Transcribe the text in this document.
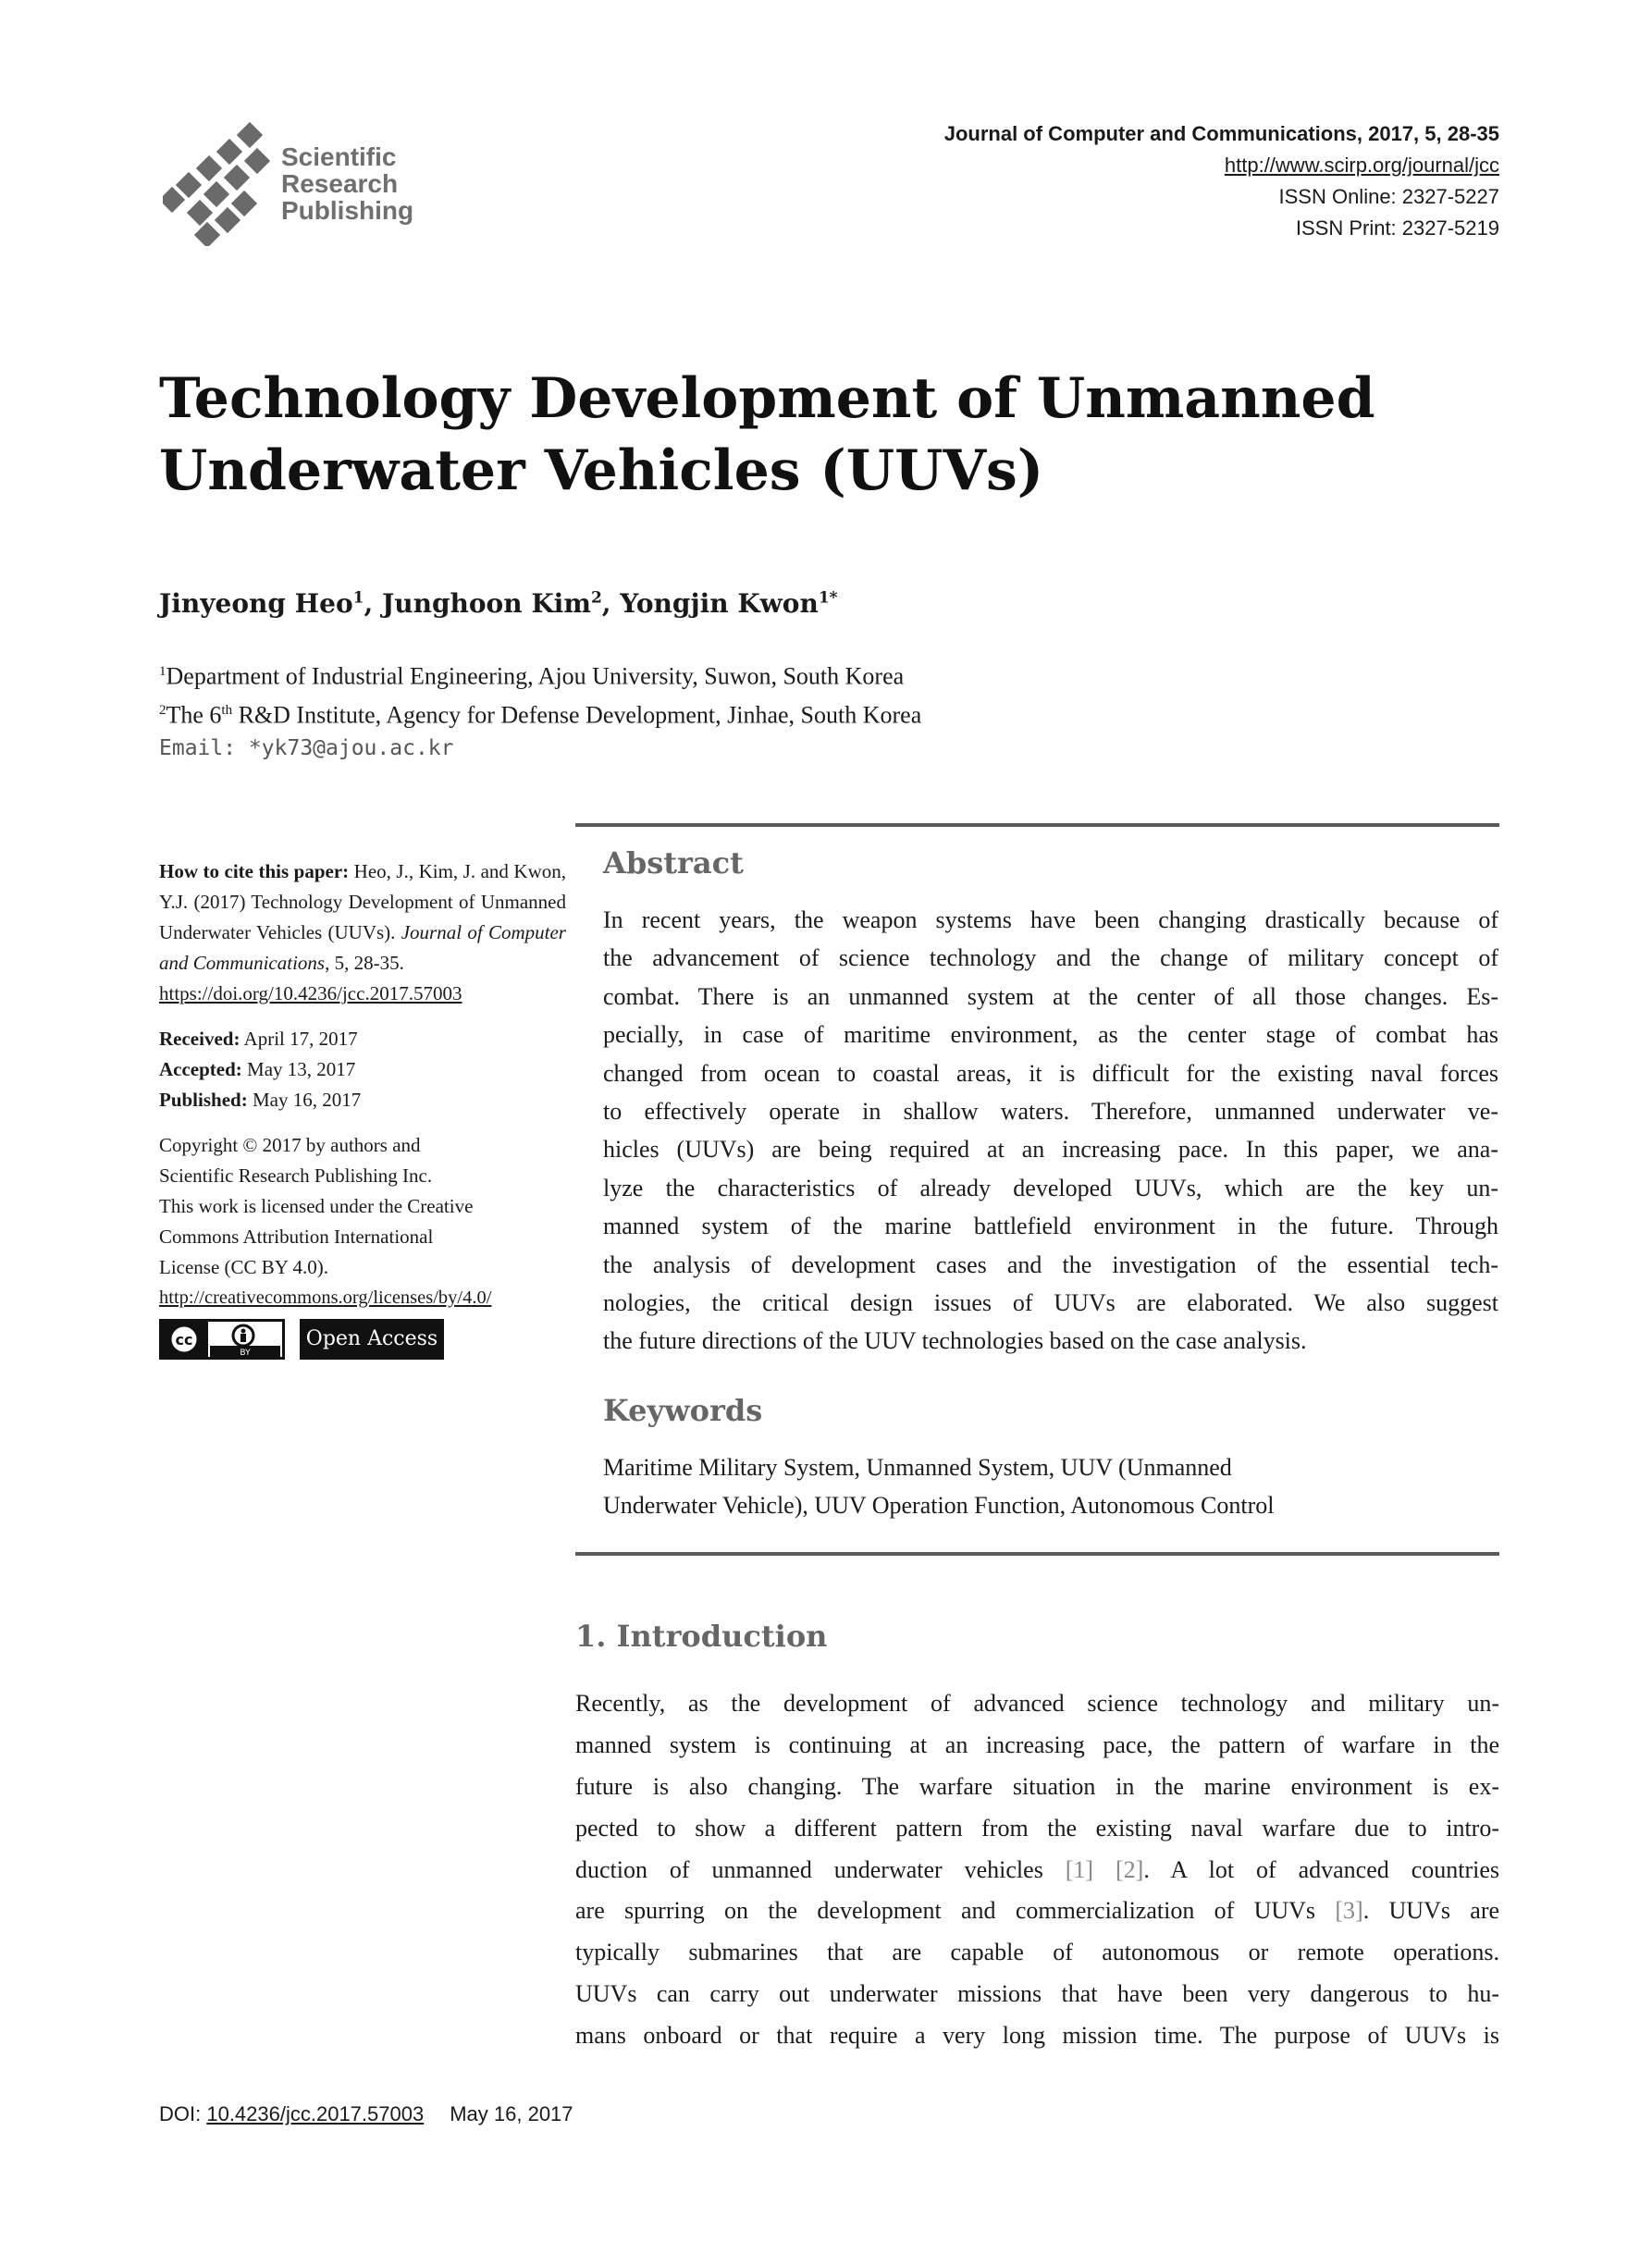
Scientific
Research
Publishing
Journal of Computer and Communications, 2017, 5, 28-35
http://www.scirp.org/journal/jcc
ISSN Online: 2327-5227
ISSN Print: 2327-5219
Technology Development of Unmanned
Underwater Vehicles (UUVs)
Jinyeong Heo$^1$, Junghoon Kim$^2$, Yongjin Kwon$^{1*}$
$^1$Department of Industrial Engineering, Ajou University, Suwon, South Korea
$^2$The 6th R&D Institute, Agency for Defense Development, Jinhae, South Korea
Email: *yk73@ajou.ac.kr

How to cite this paper: Heo, J., Kim, J. and Kwon, Y.J. (2017) Technology Development of Unmanned Underwater Vehicles (UUVs). Journal of Computer and Communications, 5, 28-35.

https://doi.org/10.4236/jcc.2017.57003

Received: April 17, 2017

Accepted: May 13, 2017

Published: May 16, 2017

Copyright © 2017 by authors and

Scientific Research Publishing Inc.

This work is licensed under the Creative

Commons Attribution International

License (CC BY 4.0).

http://creativecommons.org/licenses/by/4.0/

cc
BY
Open Access
Abstract
In recent years, the weapon systems have been changing drastically because of
the advancement of science technology and the change of military concept of
combat. There is an unmanned system at the center of all those changes. Es-
pecially, in case of maritime environment, as the center stage of combat has
changed from ocean to coastal areas, it is difficult for the existing naval forces
to effectively operate in shallow waters. Therefore, unmanned underwater ve-
hicles (UUVs) are being required at an increasing pace. In this paper, we ana-
lyze the characteristics of already developed UUVs, which are the key un-
manned system of the marine battlefield environment in the future. Through
the analysis of development cases and the investigation of the essential tech-
nologies, the critical design issues of UUVs are elaborated. We also suggest
the future directions of the UUV technologies based on the case analysis.
Keywords
Maritime Military System, Unmanned System, UUV (Unmanned
Underwater Vehicle), UUV Operation Function, Autonomous Control
1. Introduction
Recently, as the development of advanced science technology and military un-
manned system is continuing at an increasing pace, the pattern of warfare in the
future is also changing. The warfare situation in the marine environment is ex-
pected to show a different pattern from the existing naval warfare due to intro-
duction of unmanned underwater vehicles [1] [2]. A lot of advanced countries
are spurring on the development and commercialization of UUVs [3]. UUVs are
typically submarines that are capable of autonomous or remote operations.
UUVs can carry out underwater missions that have been very dangerous to hu-
mans onboard or that require a very long mission time. The purpose of UUVs is
DOI: 10.4236/jcc.2017.57003 May 16, 2017
